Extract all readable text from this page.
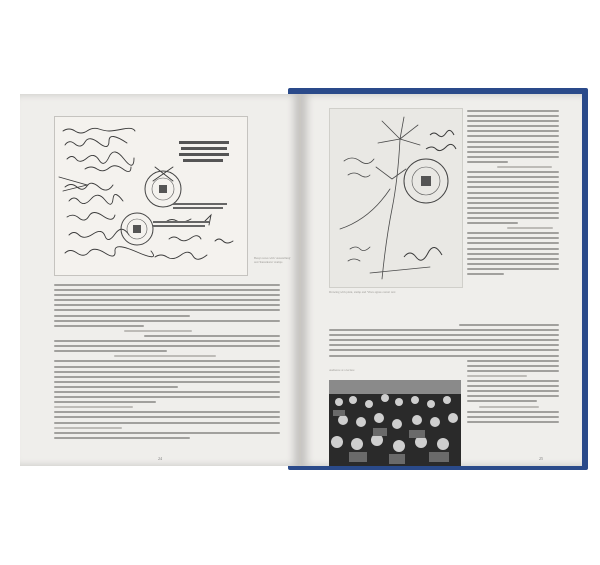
Beuys notes with 'Ausstellung' and 'Kunstkarte' stamps
24
Drawing with plant, stamp and 'Vitex agnus castus' text
Audience at a lecture
25
